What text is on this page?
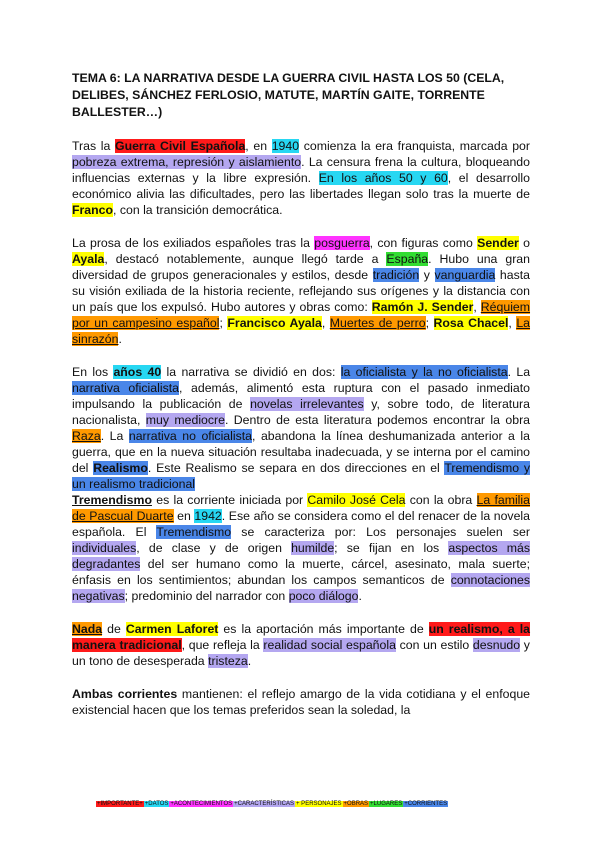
TEMA 6: LA NARRATIVA DESDE LA GUERRA CIVIL HASTA LOS 50 (CELA, DELIBES, SÁNCHEZ FERLOSIO, MATUTE, MARTÍN GAITE, TORRENTE BALLESTER…)

Tras la Guerra Civil Española, en 1940 comienza la era franquista, marcada por pobreza extrema, represión y aislamiento. La censura frena la cultura, bloqueando influencias externas y la libre expresión. En los años 50 y 60, el desarrollo económico alivia las dificultades, pero las libertades llegan solo tras la muerte de Franco, con la transición democrática.

La prosa de los exiliados españoles tras la posguerra, con figuras como Sender o Ayala, destacó notablemente, aunque llegó tarde a España. Hubo una gran diversidad de grupos generacionales y estilos, desde tradición y vanguardia hasta su visión exiliada de la historia reciente, reflejando sus orígenes y la distancia con un país que los expulsó. Hubo autores y obras como: Ramón J. Sender, Réquiem por un campesino español; Francisco Ayala, Muertes de perro; Rosa Chacel, La sinrazón.

En los años 40 la narrativa se dividió en dos: la oficialista y la no oficialista. La narrativa oficialista, además, alimentó esta ruptura con el pasado inmediato impulsando la publicación de novelas irrelevantes y, sobre todo, de literatura nacionalista, muy mediocre. Dentro de esta literatura podemos encontrar la obra Raza. La narrativa no oficialista, abandona la línea deshumanizada anterior a la guerra, que en la nueva situación resultaba inadecuada, y se interna por el camino del Realismo. Este Realismo se separa en dos direcciones en el Tremendismo y un realismo tradicional

Tremendismo es la corriente iniciada por Camilo José Cela con la obra La familia de Pascual Duarte en 1942. Ese año se considera como el del renacer de la novela española. El Tremendismo se caracteriza por: Los personajes suelen ser individuales, de clase y de origen humilde; se fijan en los aspectos más degradantes del ser humano como la muerte, cárcel, asesinato, mala suerte; énfasis en los sentimientos; abundan los campos semanticos de connotaciones negativas; predominio del narrador con poco diálogo.

Nada de Carmen Laforet es la aportación más importante de un realismo, a la manera tradicional, que refleja la realidad social española con un estilo desnudo y un tono de desesperada tristeza.

Ambas corrientes mantienen: el reflejo amargo de la vida cotidiana y el enfoque existencial hacen que los temas preferidos sean la soledad, la

+IMPORTANTE+ +DATOS +ACONTECIMIENTOS +CARACTERÍSTICAS + PERSONAJES +OBRAS +LUGARES +CORRIENTES
